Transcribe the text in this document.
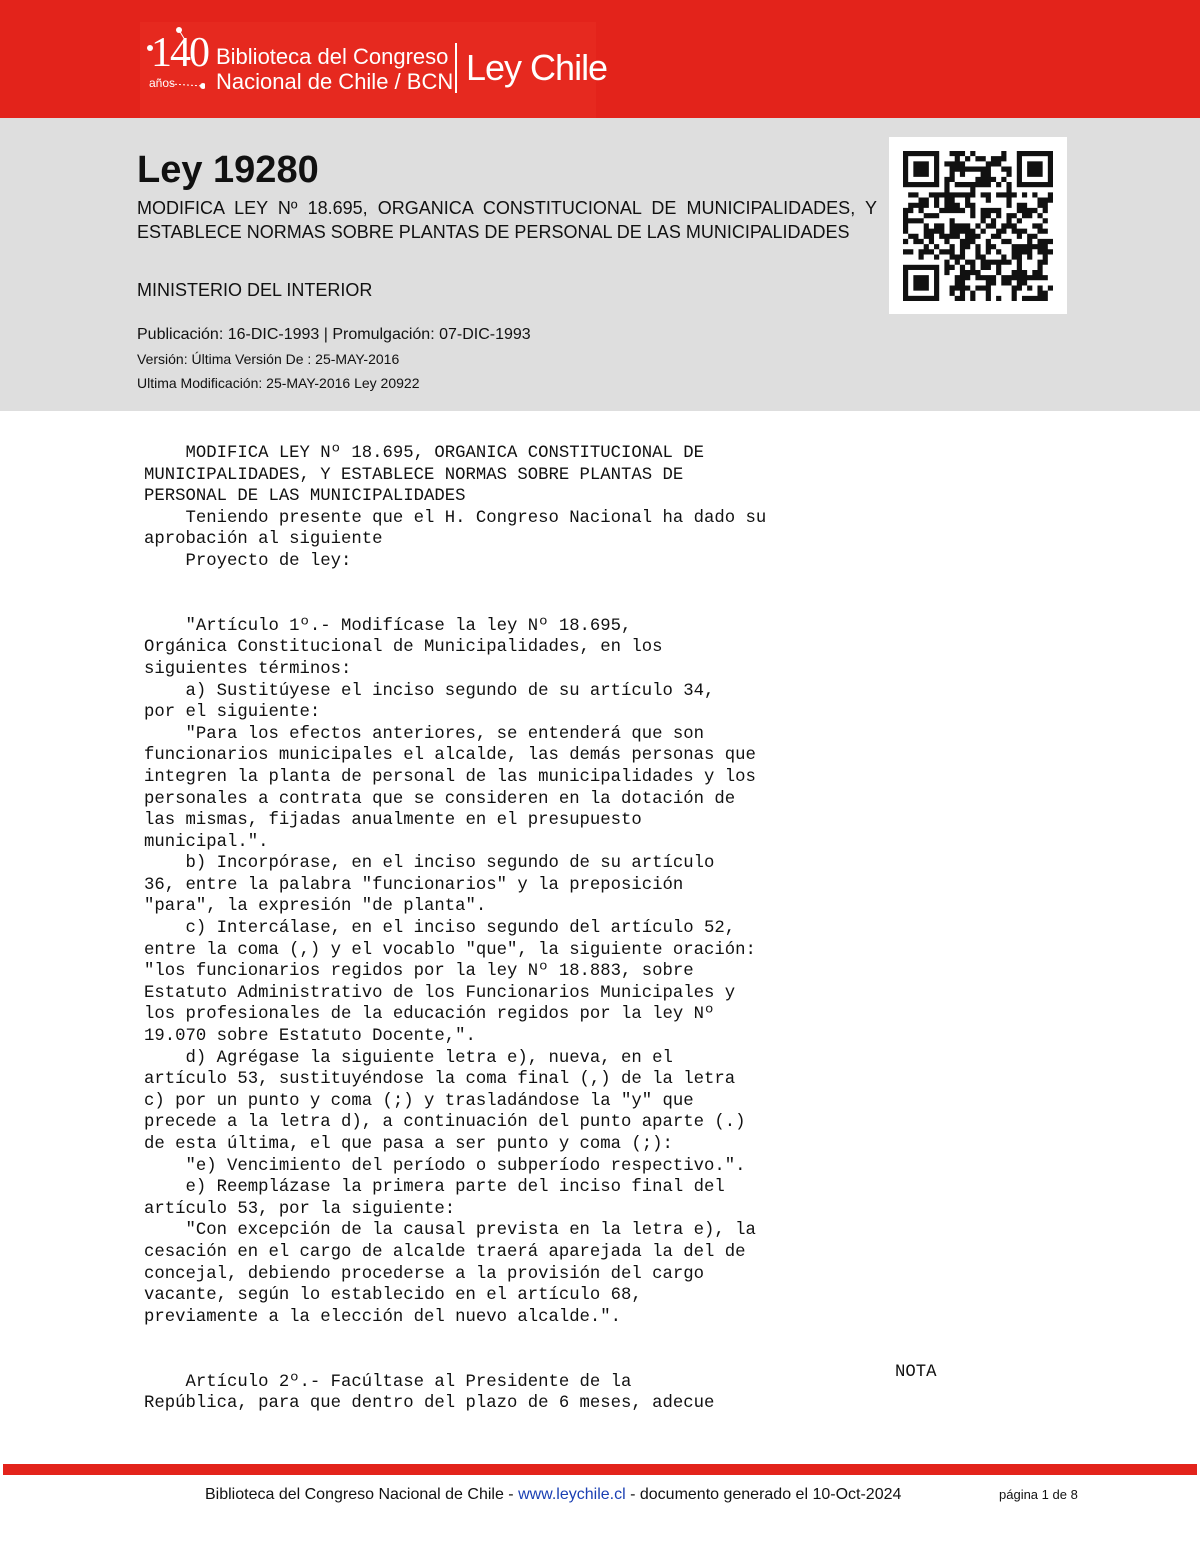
140
años
Biblioteca del Congreso
Nacional de Chile / BCN Ley Chile
Ley 19280

MODIFICA LEY Nº 18.695, ORGANICA CONSTITUCIONAL DE MUNICIPALIDADES, Y ESTABLECE NORMAS SOBRE PLANTAS DE PERSONAL DE LAS MUNICIPALIDADES

MINISTERIO DEL INTERIOR
Publicación: 16-DIC-1993 | Promulgación: 07-DIC-1993
Versión: Última Versión De : 25-MAY-2016
Ultima Modificación: 25-MAY-2016 Ley 20922
MODIFICA LEY Nº 18.695, ORGANICA CONSTITUCIONAL DE
MUNICIPALIDADES, Y ESTABLECE NORMAS SOBRE PLANTAS DE
PERSONAL DE LAS MUNICIPALIDADES
Teniendo presente que el H. Congreso Nacional ha dado su
aprobación al siguiente
Proyecto de ley:

"Artículo 1º.- Modifícase la ley Nº 18.695,
Orgánica Constitucional de Municipalidades, en los
siguientes términos:
a) Sustitúyese el inciso segundo de su artículo 34,
por el siguiente:
"Para los efectos anteriores, se entenderá que son
funcionarios municipales el alcalde, las demás personas que
integren la planta de personal de las municipalidades y los
personales a contrata que se consideren en la dotación de
las mismas, fijadas anualmente en el presupuesto
municipal.".
b) Incorpórase, en el inciso segundo de su artículo
36, entre la palabra "funcionarios" y la preposición
"para", la expresión "de planta".
c) Intercálase, en el inciso segundo del artículo 52,
entre la coma (,) y el vocablo "que", la siguiente oración:
"los funcionarios regidos por la ley Nº 18.883, sobre
Estatuto Administrativo de los Funcionarios Municipales y
los profesionales de la educación regidos por la ley Nº
19.070 sobre Estatuto Docente,".
d) Agrégase la siguiente letra e), nueva, en el
artículo 53, sustituyéndose la coma final (,) de la letra
c) por un punto y coma (;) y trasladándose la "y" que
precede a la letra d), a continuación del punto aparte (.)
de esta última, el que pasa a ser punto y coma (;):
"e) Vencimiento del período o subperíodo respectivo.".
e) Reemplázase la primera parte del inciso final del
artículo 53, por la siguiente:
"Con excepción de la causal prevista en la letra e), la
cesación en el cargo de alcalde traerá aparejada la del de
concejal, debiendo procederse a la provisión del cargo
vacante, según lo establecido en el artículo 68,
previamente a la elección del nuevo alcalde.".

Artículo 2º.- Facúltase al Presidente de la
República, para que dentro del plazo de 6 meses, adecue
NOTA
Biblioteca del Congreso Nacional de Chile - www.leychile.cl - documento generado el 10-Oct-2024	página 1 de 8
